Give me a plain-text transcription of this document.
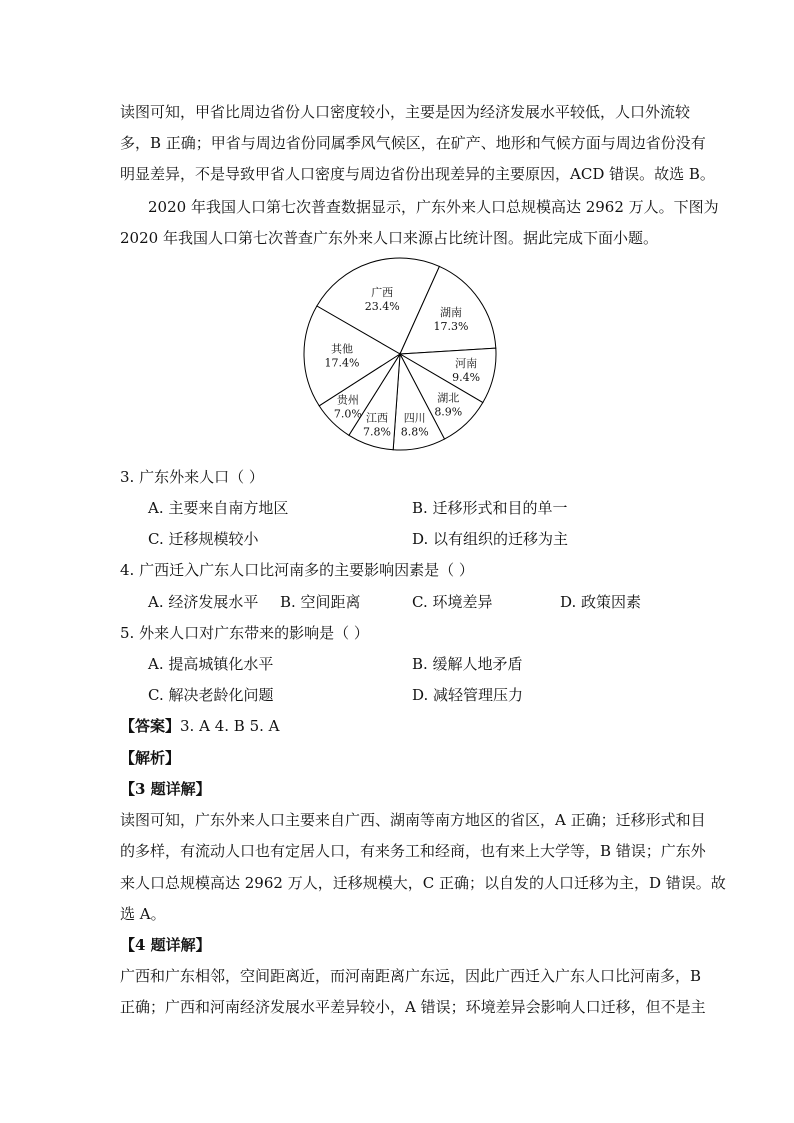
读图可知，甲省比周边省份人口密度较小，主要是因为经济发展水平较低，人口外流较
多，B 正确；甲省与周边省份同属季风气候区，在矿产、地形和气候方面与周边省份没有
明显差异，不是导致甲省人口密度与周边省份出现差异的主要原因，ACD 错误。故选 B。
2020 年我国人口第七次普查数据显示，广东外来人口总规模高达 2962 万人。下图为
2020 年我国人口第七次普查广东外来人口来源占比统计图。据此完成下面小题。
广西
23.4%	湖南
17.3%
河南
9.4%
湖北
8.9%
四川
8.8%
江西
7.8%
贵州
7.0%
其他
17.4%
3. 广东外来人口（ ）
A. 主要来自南方地区	B. 迁移形式和目的单一
C. 迁移规模较小	D. 以有组织的迁移为主
4. 广西迁入广东人口比河南多的主要影响因素是（ ）
A. 经济发展水平 B. 空间距离	C. 环境差异	D. 政策因素
5. 外来人口对广东带来的影响是（ ）
A. 提高城镇化水平	B. 缓解人地矛盾
C. 解决老龄化问题	D. 减轻管理压力
【答案】3. A 4. B 5. A
【解析】
【3 题详解】
读图可知，广东外来人口主要来自广西、湖南等南方地区的省区，A 正确；迁移形式和目
的多样，有流动人口也有定居人口，有来务工和经商，也有来上大学等，B 错误；广东外
来人口总规模高达 2962 万人，迁移规模大，C 正确；以自发的人口迁移为主，D 错误。故
选 A。
【4 题详解】
广西和广东相邻，空间距离近，而河南距离广东远，因此广西迁入广东人口比河南多，B
正确；广西和河南经济发展水平差异较小，A 错误；环境差异会影响人口迁移，但不是主
